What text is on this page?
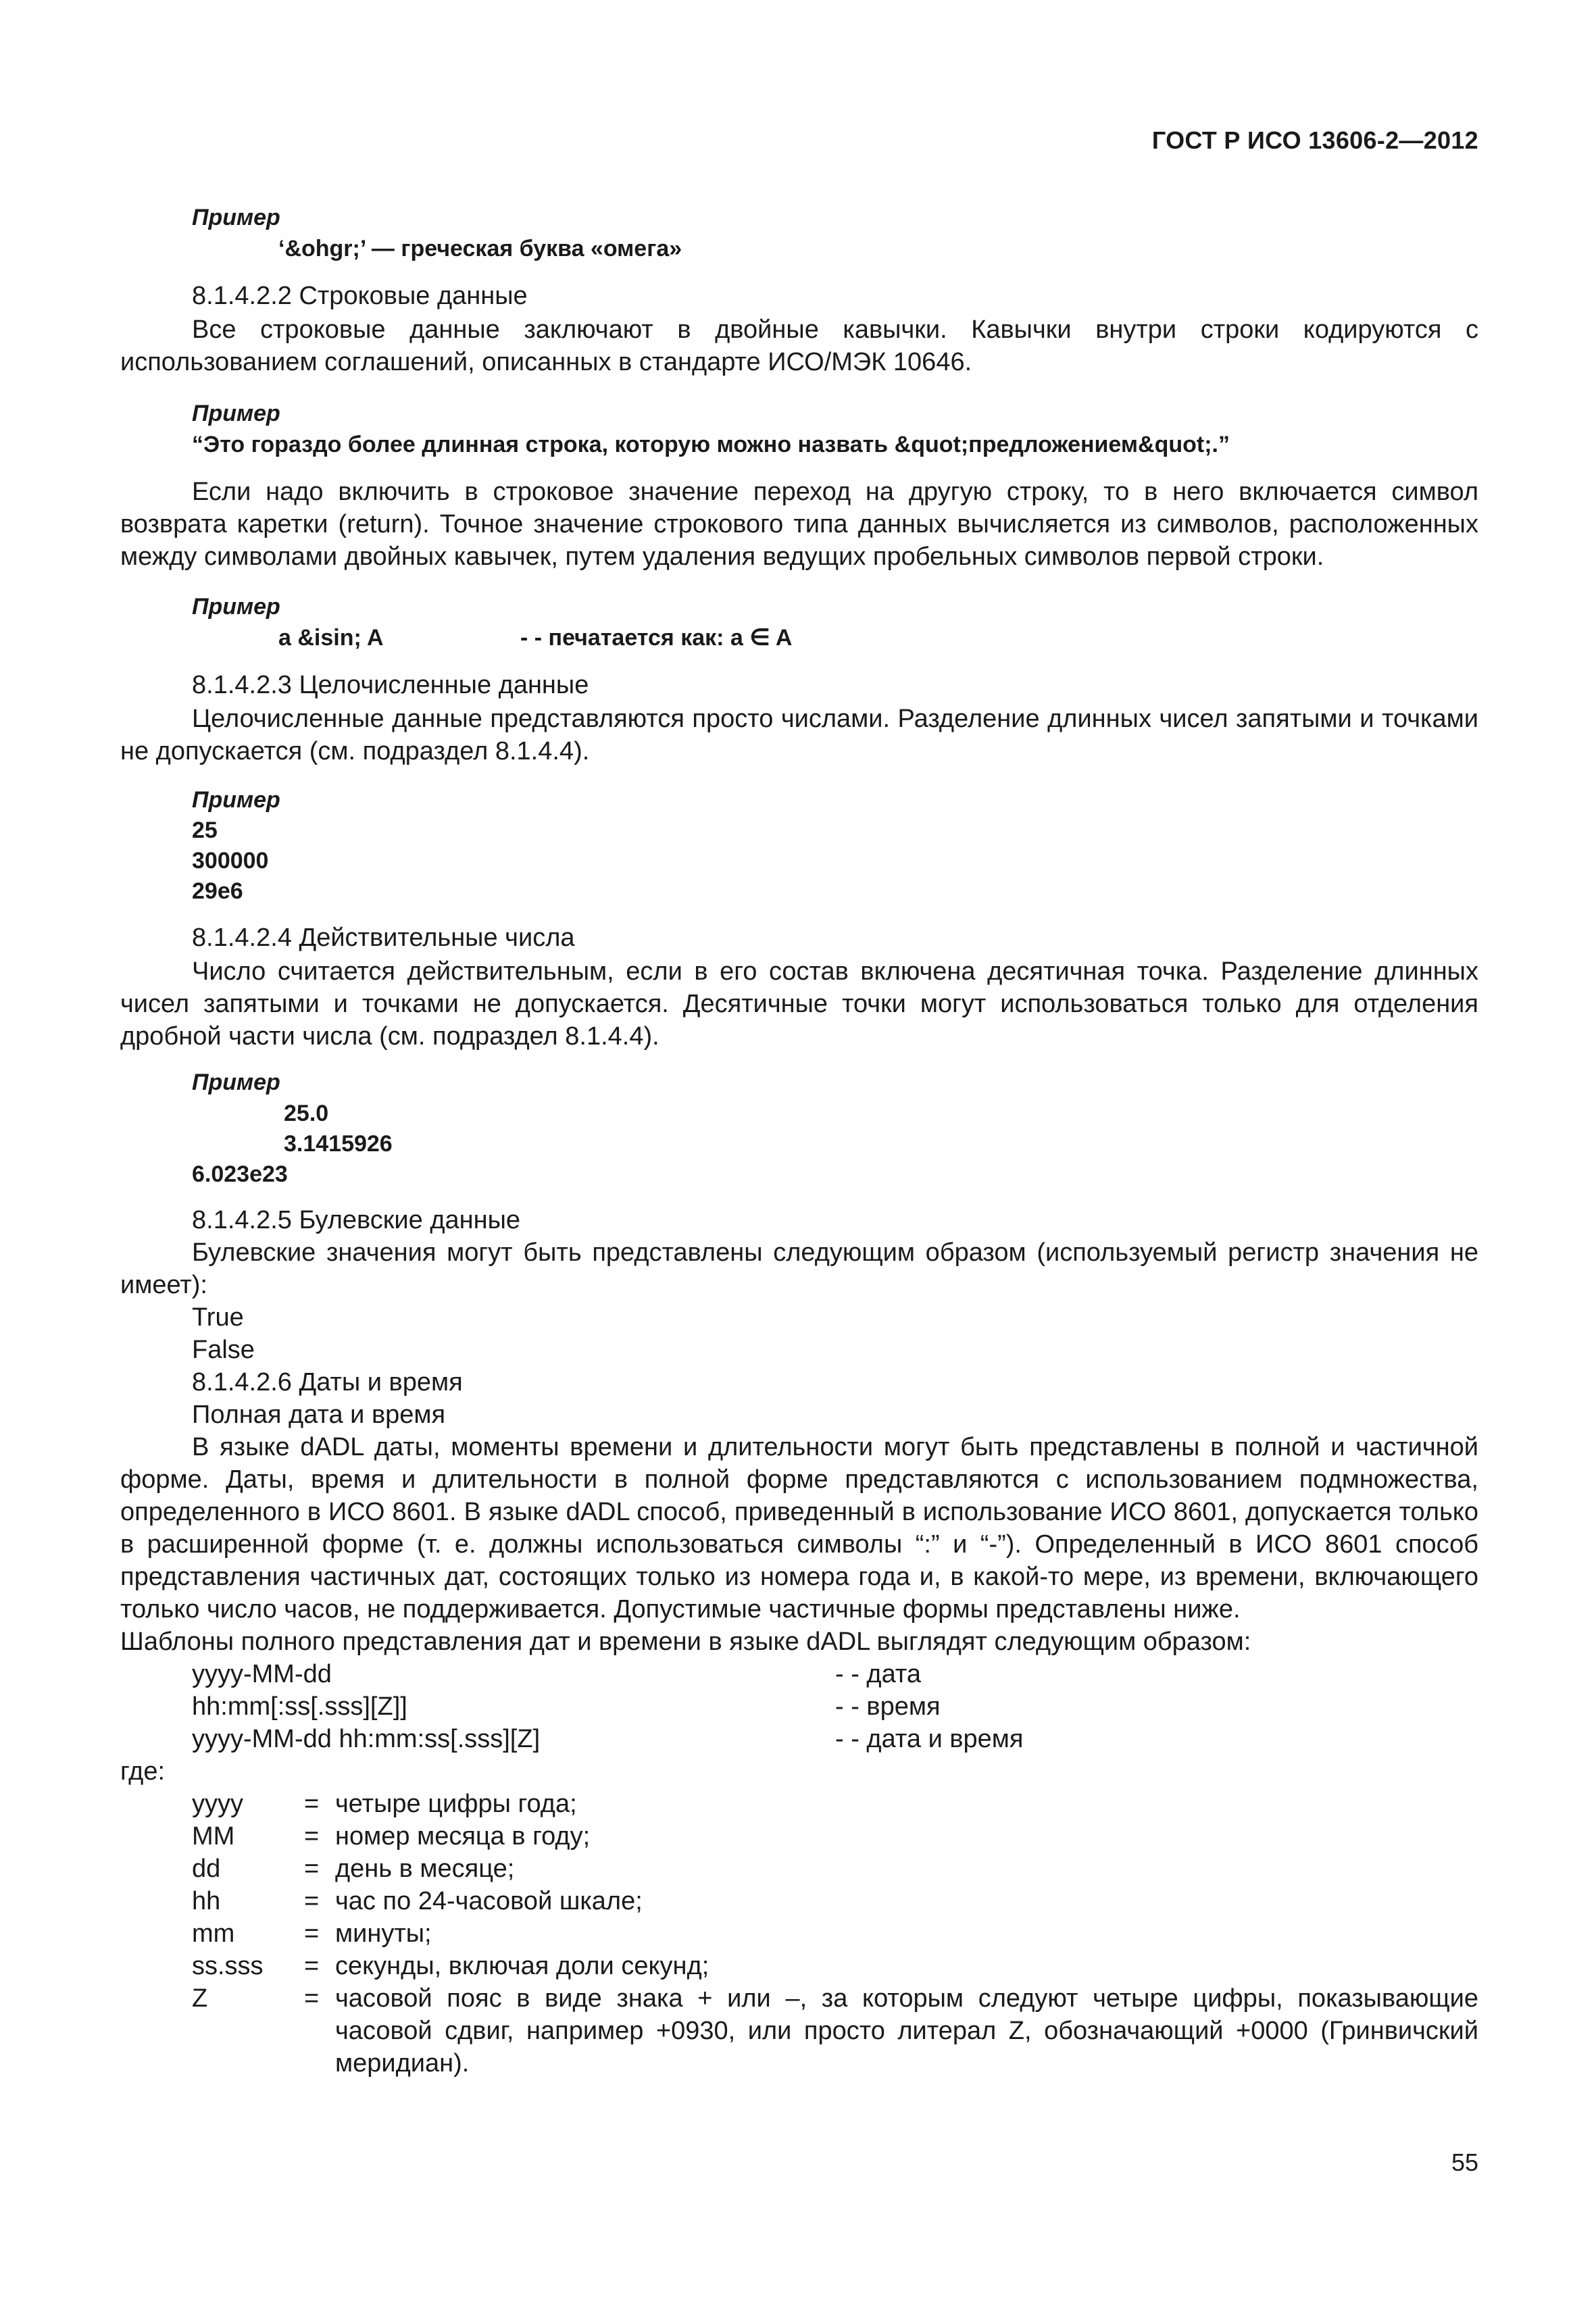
ГОСТ Р ИСО 13606-2—2012
Пример
‘&ohgr;’ — греческая буква «омега»
8.1.4.2.2 Строковые данные
Все строковые данные заключают в двойные кавычки. Кавычки внутри строки кодируются с использованием соглашений, описанных в стандарте ИСО/МЭК 10646.
Пример
“Это гораздо более длинная строка, которую можно назвать &quot;предложением&quot;.”
Если надо включить в строковое значение переход на другую строку, то в него включается символ возврата каретки (return). Точное значение строкового типа данных вычисляется из символов, расположенных между символами двойных кавычек, путем удаления ведущих пробельных символов первой строки.
Пример
a &isin; A	- - печатается как: a ∈ A
8.1.4.2.3 Целочисленные данные
Целочисленные данные представляются просто числами. Разделение длинных чисел запятыми и точками не допускается (см. подраздел 8.1.4.4).
Пример
25
300000
29e6
8.1.4.2.4 Действительные числа
Число считается действительным, если в его состав включена десятичная точка. Разделение длинных чисел запятыми и точками не допускается. Десятичные точки могут использоваться только для отделения дробной части числа (см. подраздел 8.1.4.4).
Пример
25.0
3.1415926
6.023e23
8.1.4.2.5 Булевские данные
Булевские значения могут быть представлены следующим образом (используемый регистр значения не имеет):
True
False
8.1.4.2.6 Даты и время
Полная дата и время
В языке dADL даты, моменты времени и длительности могут быть представлены в полной и частичной форме. Даты, время и длительности в полной форме представляются с использованием подмножества, определенного в ИСО 8601. В языке dADL способ, приведенный в использование ИСО 8601, допускается только в расширенной форме (т. е. должны использоваться символы “:” и “-”). Определенный в ИСО 8601 способ представления частичных дат, состоящих только из номера года и, в какой-то мере, из времени, включающего только число часов, не поддерживается. Допустимые частичные формы представлены ниже.
Шаблоны полного представления дат и времени в языке dADL выглядят следующим образом:
yyyy-MM-dd	- - дата
hh:mm[:ss[.sss][Z]]	- - время
yyyy-MM-dd hh:mm:ss[.sss][Z]	- - дата и время
где:
yyyy = четыре цифры года;
MM	= номер месяца в году;
dd	= день в месяце;
hh	= час по 24-часовой шкале;
mm	= минуты;
ss.sss = секунды, включая доли секунд;
Z	= часовой пояс в виде знака + или –, за которым следуют четыре цифры, показывающие часовой сдвиг, например +0930, или просто литерал Z, обозначающий +0000 (Гринвичский меридиан).
55
